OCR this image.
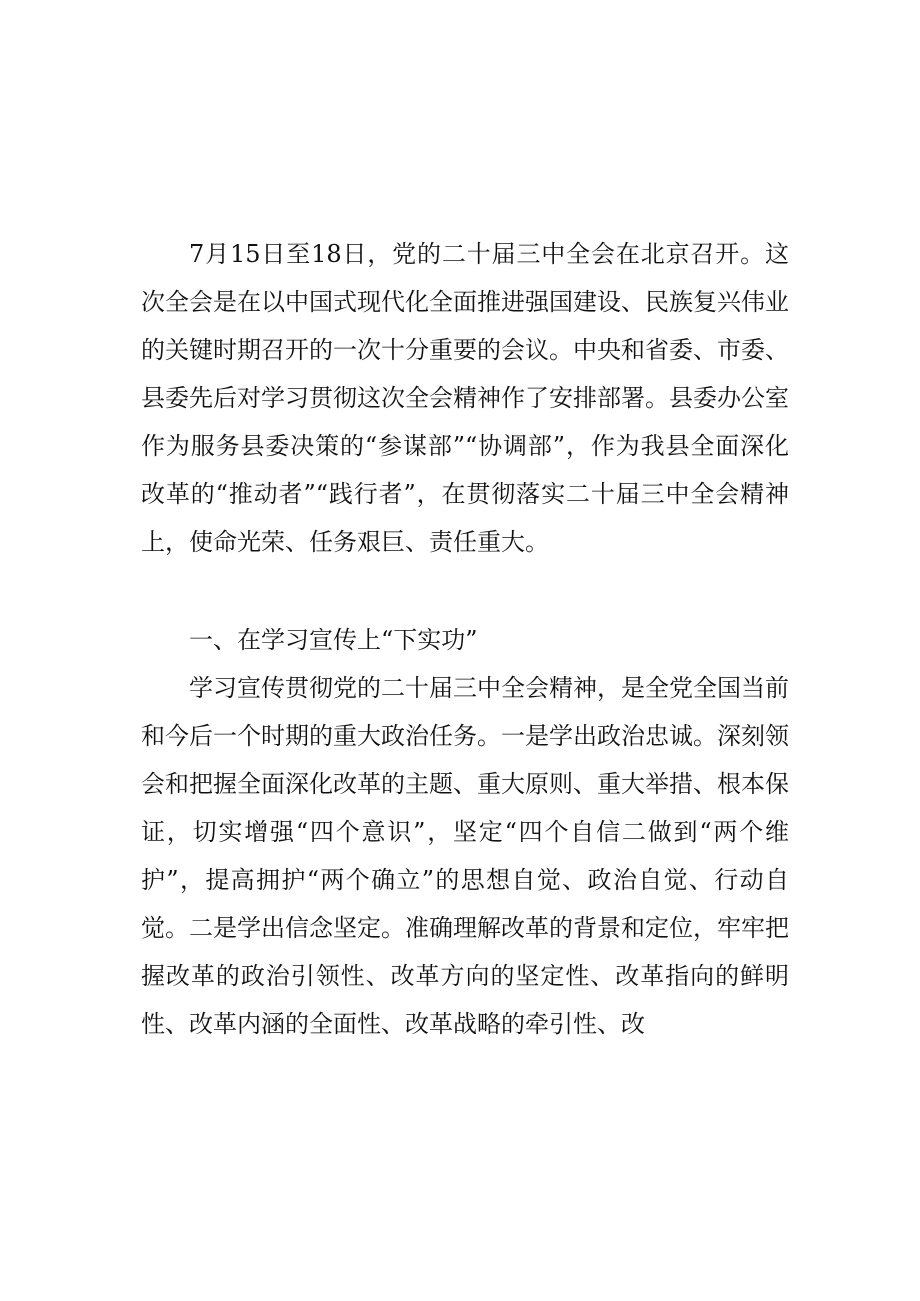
7月15日至18日，党的二十届三中全会在北京召开。这次全会是在以中国式现代化全面推进强国建设、民族复兴伟业的关键时期召开的一次十分重要的会议。中央和省委、市委、县委先后对学习贯彻这次全会精神作了安排部署。县委办公室作为服务县委决策的“参谋部”“协调部”，作为我县全面深化改革的“推动者”“践行者”，在贯彻落实二十届三中全会精神上，使命光荣、任务艰巨、责任重大。

一、在学习宣传上“下实功”

学习宣传贯彻党的二十届三中全会精神，是全党全国当前和今后一个时期的重大政治任务。一是学出政治忠诚。深刻领会和把握全面深化改革的主题、重大原则、重大举措、根本保证，切实增强“四个意识”，坚定“四个自信二做到“两个维护”，提高拥护“两个确立”的思想自觉、政治自觉、行动自觉。二是学出信念坚定。准确理解改革的背景和定位，牢牢把握改革的政治引领性、改革方向的坚定性、改革指向的鲜明性、改革内涵的全面性、改革战略的牵引性、改
